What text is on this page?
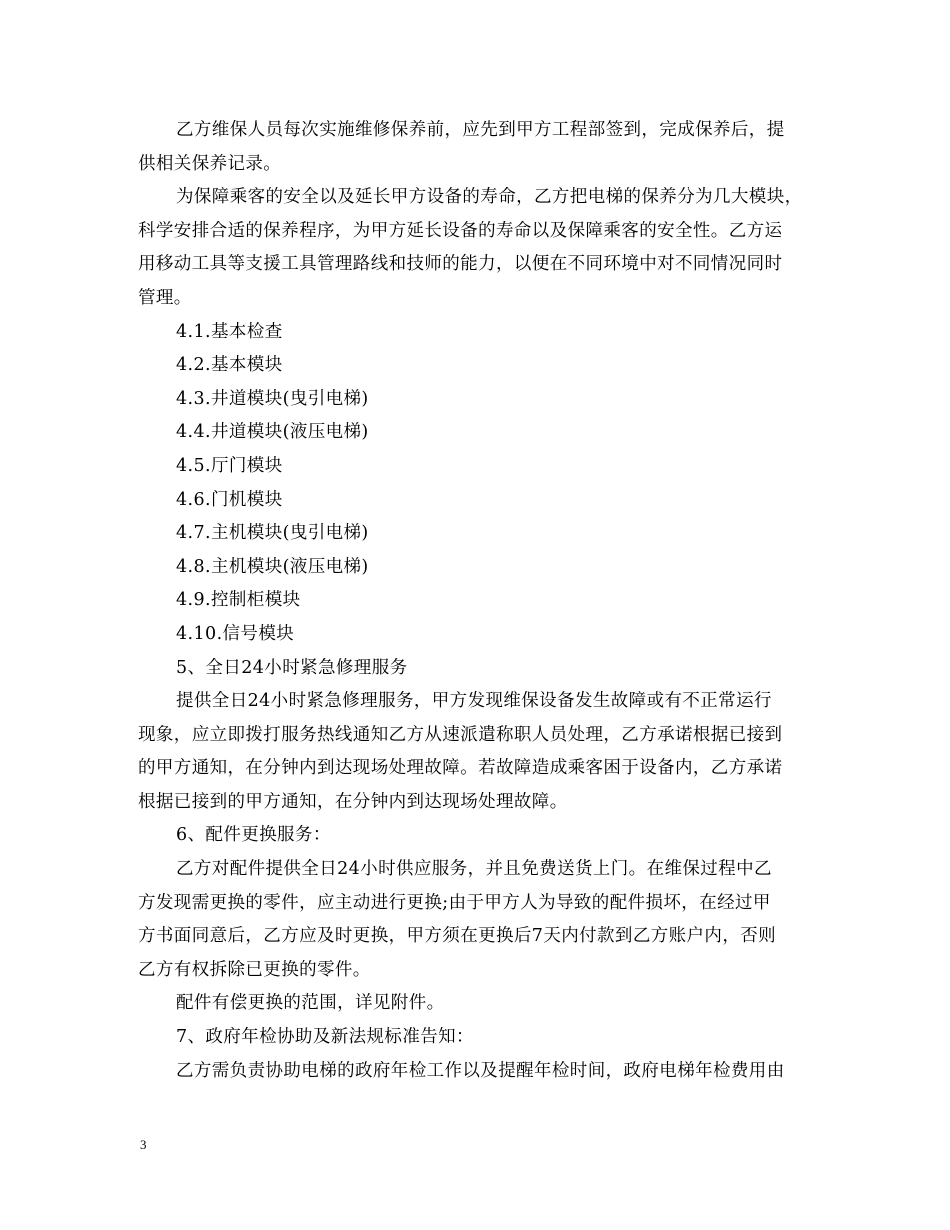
乙方维保人员每次实施维修保养前，应先到甲方工程部签到，完成保养后，提
供相关保养记录。
为保障乘客的安全以及延长甲方设备的寿命，乙方把电梯的保养分为几大模块，
科学安排合适的保养程序，为甲方延长设备的寿命以及保障乘客的安全性。乙方运
用移动工具等支援工具管理路线和技师的能力，以便在不同环境中对不同情况同时
管理。
4.1.基本检查
4.2.基本模块
4.3.井道模块(曳引电梯)
4.4.井道模块(液压电梯)
4.5.厅门模块
4.6.门机模块
4.7.主机模块(曳引电梯)
4.8.主机模块(液压电梯)
4.9.控制柜模块
4.10.信号模块
5、全日24小时紧急修理服务
提供全日24小时紧急修理服务，甲方发现维保设备发生故障或有不正常运行
现象，应立即拨打服务热线通知乙方从速派遣称职人员处理，乙方承诺根据已接到
的甲方通知，在分钟内到达现场处理故障。若故障造成乘客困于设备内，乙方承诺
根据已接到的甲方通知，在分钟内到达现场处理故障。
6、配件更换服务：
乙方对配件提供全日24小时供应服务，并且免费送货上门。在维保过程中乙
方发现需更换的零件，应主动进行更换;由于甲方人为导致的配件损坏，在经过甲
方书面同意后，乙方应及时更换，甲方须在更换后7天内付款到乙方账户内，否则
乙方有权拆除已更换的零件。
配件有偿更换的范围，详见附件。
7、政府年检协助及新法规标准告知：
乙方需负责协助电梯的政府年检工作以及提醒年检时间，政府电梯年检费用由
3
